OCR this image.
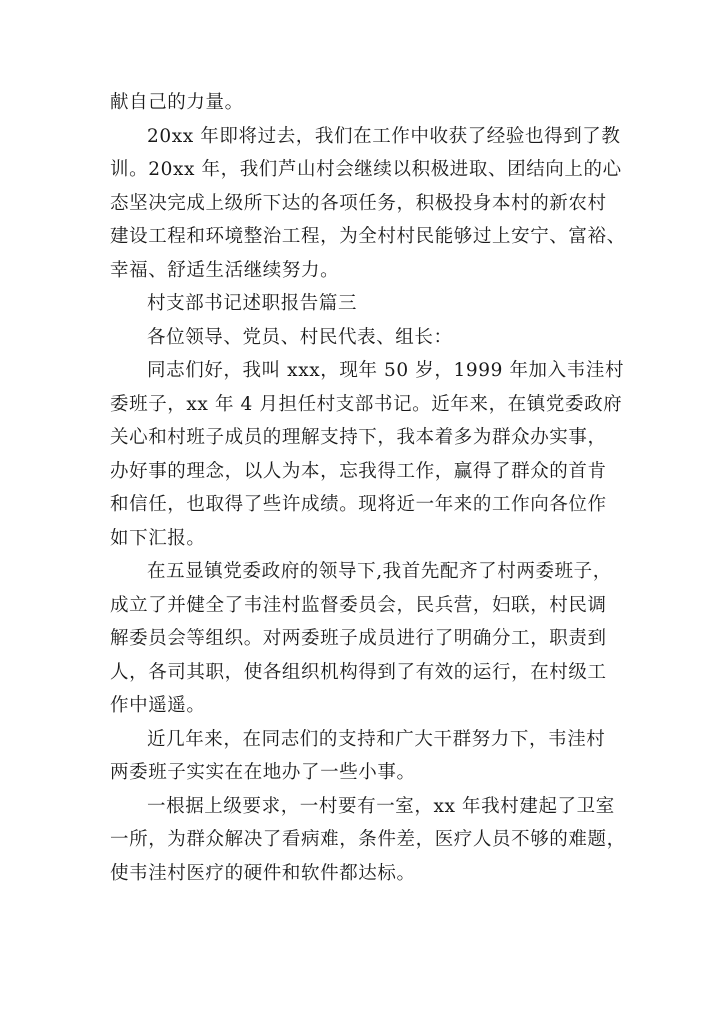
献自己的力量。
20xx 年即将过去，我们在工作中收获了经验也得到了教
训。20xx 年，我们芦山村会继续以积极进取、团结向上的心
态坚决完成上级所下达的各项任务，积极投身本村的新农村
建设工程和环境整治工程，为全村村民能够过上安宁、富裕、
幸福、舒适生活继续努力。
村支部书记述职报告篇三
各位领导、党员、村民代表、组长：
同志们好，我叫 xxx，现年 50 岁，1999 年加入韦洼村
委班子，xx 年 4 月担任村支部书记。近年来，在镇党委政府
关心和村班子成员的理解支持下，我本着多为群众办实事，
办好事的理念，以人为本，忘我得工作，赢得了群众的首肯
和信任，也取得了些许成绩。现将近一年来的工作向各位作
如下汇报。
在五显镇党委政府的领导下,我首先配齐了村两委班子，
成立了并健全了韦洼村监督委员会，民兵营，妇联，村民调
解委员会等组织。对两委班子成员进行了明确分工，职责到
人，各司其职，使各组织机构得到了有效的运行，在村级工
作中遥遥。
近几年来，在同志们的支持和广大干群努力下，韦洼村
两委班子实实在在地办了一些小事。
一根据上级要求，一村要有一室，xx 年我村建起了卫室
一所，为群众解决了看病难，条件差，医疗人员不够的难题，
使韦洼村医疗的硬件和软件都达标。
